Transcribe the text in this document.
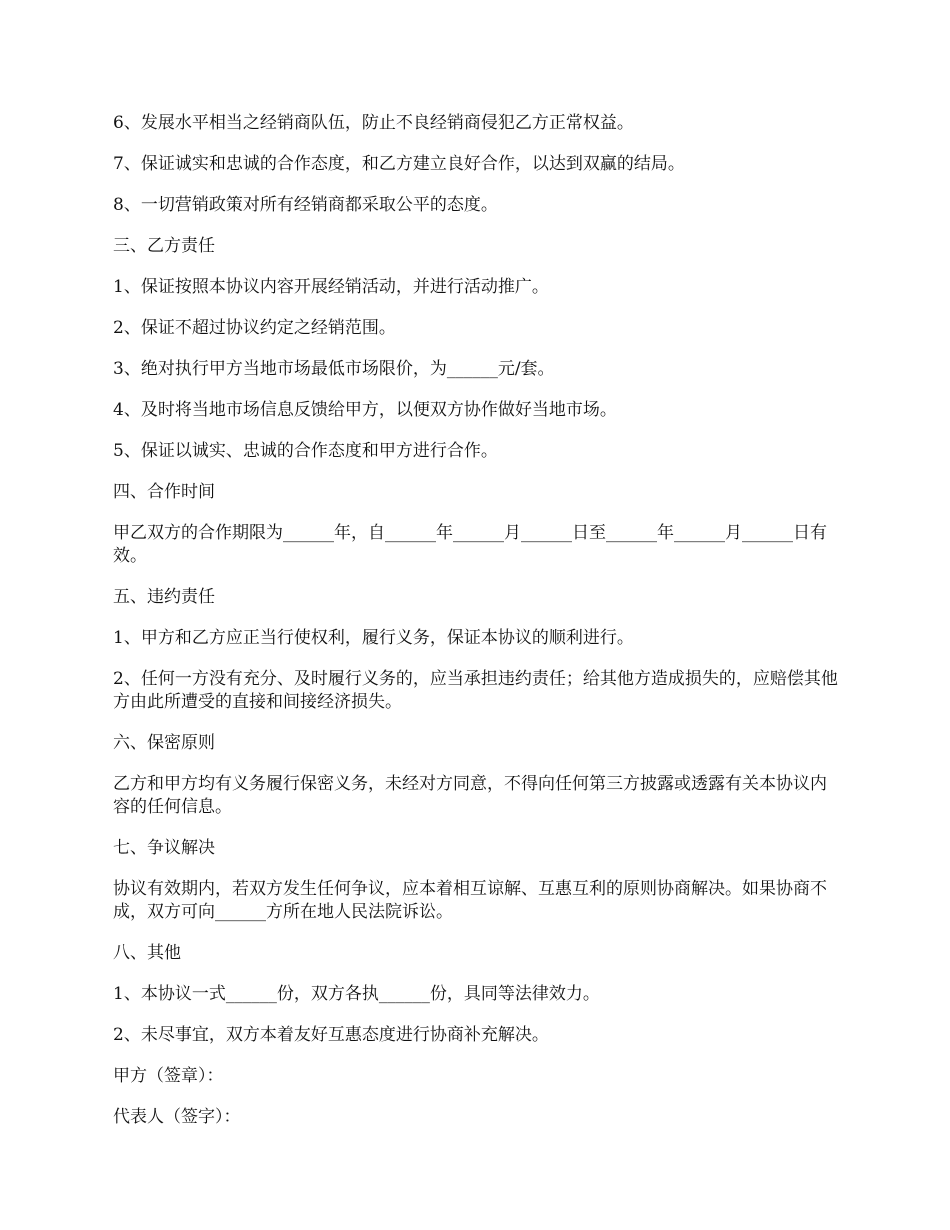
6、发展水平相当之经销商队伍，防止不良经销商侵犯乙方正常权益。

7、保证诚实和忠诚的合作态度，和乙方建立良好合作，以达到双赢的结局。

8、一切营销政策对所有经销商都采取公平的态度。

三、乙方责任

1、保证按照本协议内容开展经销活动，并进行活动推广。

2、保证不超过协议约定之经销范围。

3、绝对执行甲方当地市场最低市场限价，为______元/套。

4、及时将当地市场信息反馈给甲方，以便双方协作做好当地市场。

5、保证以诚实、忠诚的合作态度和甲方进行合作。

四、合作时间

甲乙双方的合作期限为______年，自______年______月______日至______年______月______日有效。

五、违约责任

1、甲方和乙方应正当行使权利，履行义务，保证本协议的顺利进行。

2、任何一方没有充分、及时履行义务的，应当承担违约责任；给其他方造成损失的，应赔偿其他方由此所遭受的直接和间接经济损失。

六、保密原则

乙方和甲方均有义务履行保密义务，未经对方同意，不得向任何第三方披露或透露有关本协议内容的任何信息。

七、争议解决

协议有效期内，若双方发生任何争议，应本着相互谅解、互惠互利的原则协商解决。如果协商不成，双方可向______方所在地人民法院诉讼。

八、其他

1、本协议一式______份，双方各执______份，具同等法律效力。

2、未尽事宜，双方本着友好互惠态度进行协商补充解决。

甲方（签章）：

代表人（签字）：
